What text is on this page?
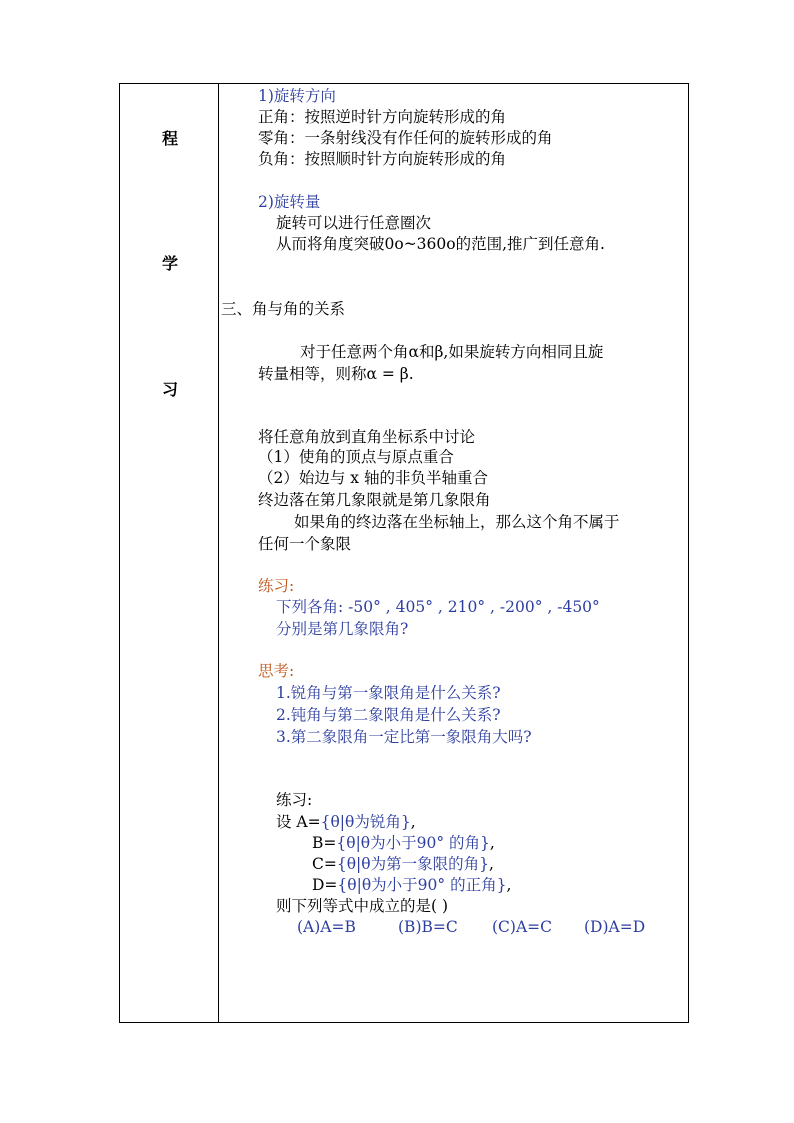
程
学
习
1)旋转方向
正角：按照逆时针方向旋转形成的角
零角：一条射线没有作任何的旋转形成的角
负角：按照顺时针方向旋转形成的角
2)旋转量
旋转可以进行任意圈次
从而将角度突破0o~360o的范围,推广到任意角.
三、角与角的关系
对于任意两个角α和β,如果旋转方向相同且旋
转量相等，则称α = β.
将任意角放到直角坐标系中讨论
（1）使角的顶点与原点重合
（2）始边与 x 轴的非负半轴重合
终边落在第几象限就是第几象限角
如果角的终边落在坐标轴上，那么这个角不属于
任何一个象限
练习:
下列各角: -50° , 405° , 210° , -200° , -450°
分别是第几象限角?
思考:
1.锐角与第一象限角是什么关系?
2.钝角与第二象限角是什么关系?
3.第二象限角一定比第一象限角大吗?
练习:
设 A={θ|θ为锐角},
B={θ|θ为小于90° 的角},
C={θ|θ为第一象限的角},
D={θ|θ为小于90° 的正角},
则下列等式中成立的是( )
(A)A=B	(B)B=C (C)A=C (D)A=D
